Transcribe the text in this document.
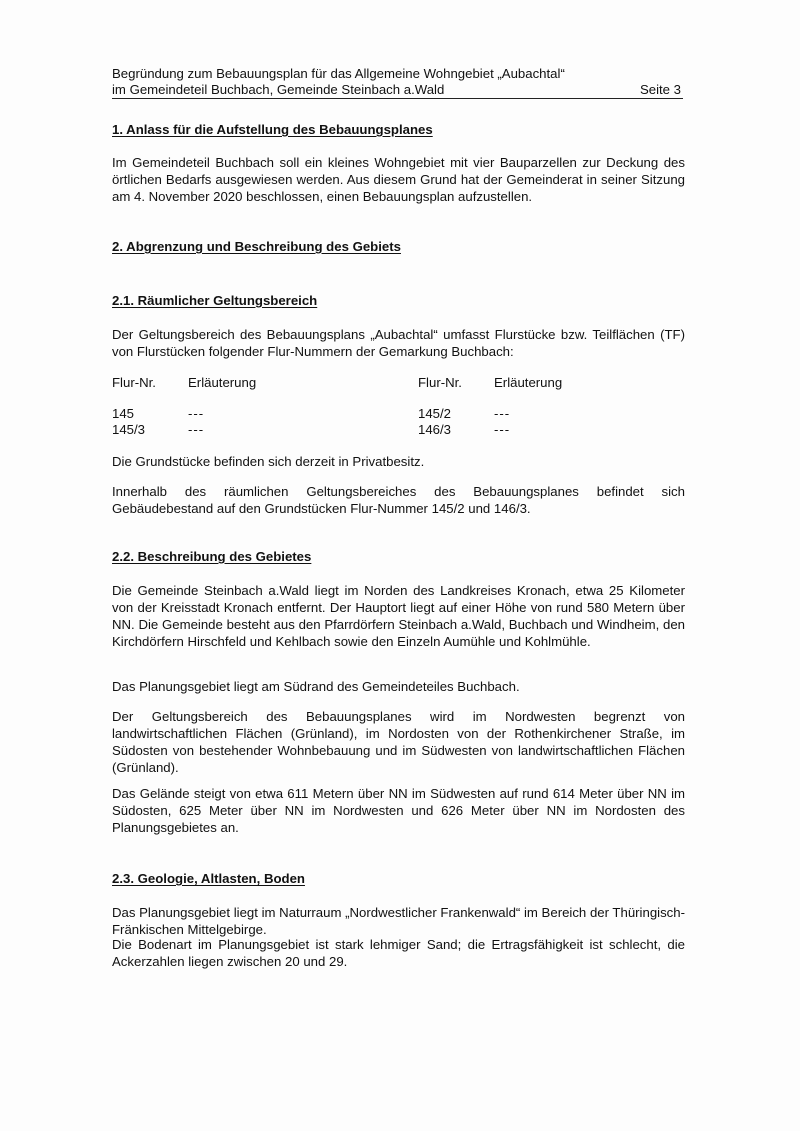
Begründung zum Bebauungsplan für das Allgemeine Wohngebiet „Aubachtal“
im Gemeindeteil Buchbach, Gemeinde Steinbach a.Wald	Seite 3
1. Anlass für die Aufstellung des Bebauungsplanes
Im Gemeindeteil Buchbach soll ein kleines Wohngebiet mit vier Bauparzellen zur Deckung des örtlichen Bedarfs ausgewiesen werden. Aus diesem Grund hat der Gemeinderat in seiner Sitzung am 4. November 2020 beschlossen, einen Bebauungsplan aufzustellen.
2. Abgrenzung und Beschreibung des Gebiets
2.1. Räumlicher Geltungsbereich
Der Geltungsbereich des Bebauungsplans „Aubachtal“ umfasst Flurstücke bzw. Teilflächen (TF) von Flurstücken folgender Flur-Nummern der Gemarkung Buchbach:
Flur-Nr. Erläuterung	Flur-Nr. Erläuterung
145	---	145/2	---
145/3	---	146/3	---
Die Grundstücke befinden sich derzeit in Privatbesitz.
Innerhalb des räumlichen Geltungsbereiches des Bebauungsplanes befindet sich Gebäudebestand auf den Grundstücken Flur-Nummer 145/2 und 146/3.
2.2. Beschreibung des Gebietes
Die Gemeinde Steinbach a.Wald liegt im Norden des Landkreises Kronach, etwa 25 Kilometer von der Kreisstadt Kronach entfernt. Der Hauptort liegt auf einer Höhe von rund 580 Metern über NN. Die Gemeinde besteht aus den Pfarrdörfern Steinbach a.Wald, Buchbach und Windheim, den Kirchdörfern Hirschfeld und Kehlbach sowie den Einzeln Aumühle und Kohlmühle.
Das Planungsgebiet liegt am Südrand des Gemeindeteiles Buchbach.
Der Geltungsbereich des Bebauungsplanes wird im Nordwesten begrenzt von landwirtschaftlichen Flächen (Grünland), im Nordosten von der Rothenkirchener Straße, im Südosten von bestehender Wohnbebauung und im Südwesten von landwirtschaftlichen Flächen (Grünland).
Das Gelände steigt von etwa 611 Metern über NN im Südwesten auf rund 614 Meter über NN im Südosten, 625 Meter über NN im Nordwesten und 626 Meter über NN im Nordosten des Planungsgebietes an.
2.3. Geologie, Altlasten, Boden
Das Planungsgebiet liegt im Naturraum „Nordwestlicher Frankenwald“ im Bereich der Thüringisch-Fränkischen Mittelgebirge.
Die Bodenart im Planungsgebiet ist stark lehmiger Sand; die Ertragsfähigkeit ist schlecht, die Ackerzahlen liegen zwischen 20 und 29.
